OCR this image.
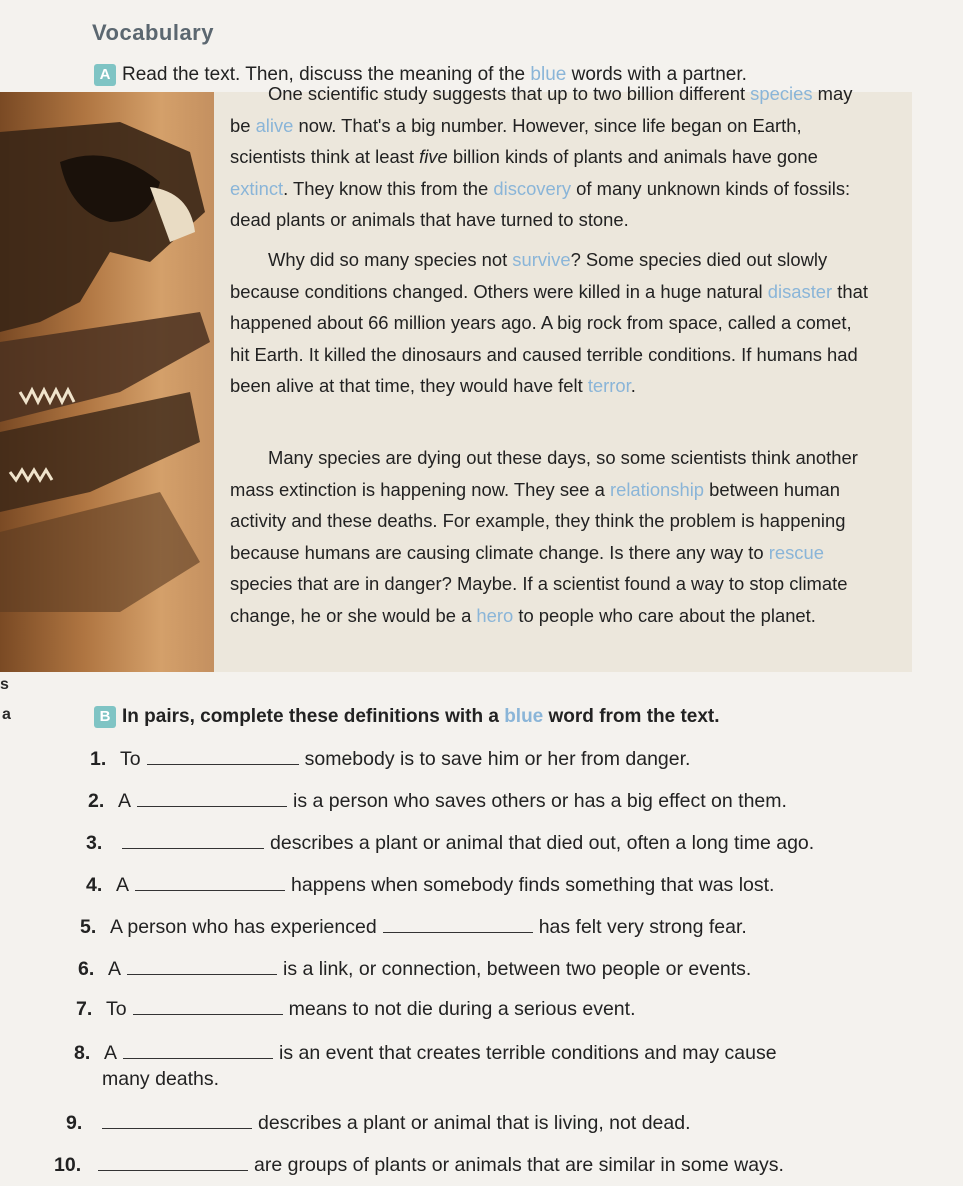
Vocabulary
A Read the text. Then, discuss the meaning of the blue words with a partner.

One scientific study suggests that up to two billion different species may be alive now. That's a big number. However, since life began on Earth, scientists think at least five billion kinds of plants and animals have gone extinct. They know this from the discovery of many unknown kinds of fossils: dead plants or animals that have turned to stone.

Why did so many species not survive? Some species died out slowly because conditions changed. Others were killed in a huge natural disaster that happened about 66 million years ago. A big rock from space, called a comet, hit Earth. It killed the dinosaurs and caused terrible conditions. If humans had been alive at that time, they would have felt terror.

Many species are dying out these days, so some scientists think another mass extinction is happening now. They see a relationship between human activity and these deaths. For example, they think the problem is happening because humans are causing climate change. Is there any way to rescue species that are in danger? Maybe. If a scientist found a way to stop climate change, he or she would be a hero to people who care about the planet.

s
a	B In pairs, complete these definitions with a blue word from the text.
1. To	somebody is to save him or her from danger.
2. A	is a person who saves others or has a big effect on them.
3.	describes a plant or animal that died out, often a long time ago.
4. A	happens when somebody finds something that was lost.
5. A person who has experienced	has felt very strong fear.
6. A	is a link, or connection, between two people or events.
7. To	means to not die during a serious event.
8. A	is an event that creates terrible conditions and may cause
many deaths.
9.	describes a plant or animal that is living, not dead.
10.	are groups of plants or animals that are similar in some ways.
